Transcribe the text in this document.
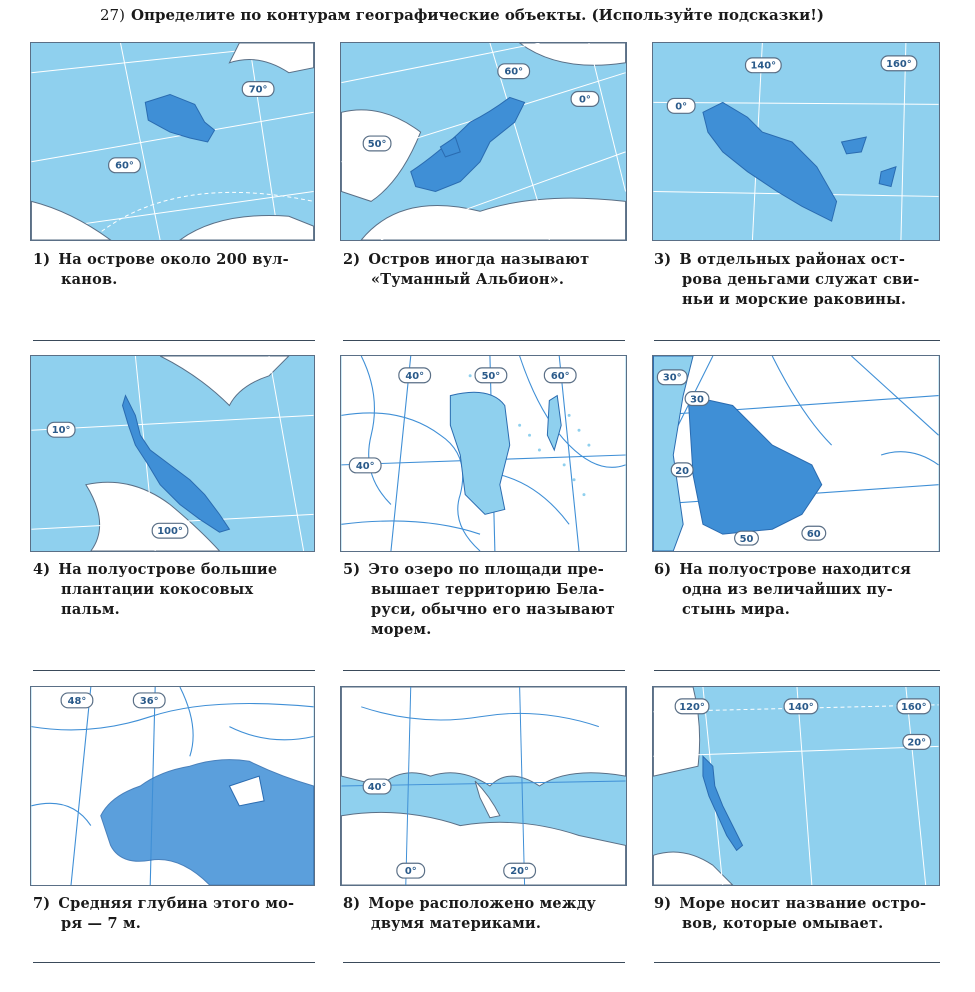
27) Определите по контурам географические объекты. (Используйте подсказки!)
70°
60°
60°
0°
50°
140°	160°
0°
1) На острове около 200 вул-
канов.
2) Остров иногда называют
«Туманный Альбион».
3) В отдельных районах ост-
рова деньгами служат сви-
ньи и морские раковины.
10°
100°
40°	50°	60°
40°
30°
30
20
50	60
4) На полуострове большие
плантации кокосовых
пальм.
5) Это озеро по площади пре-
вышает территорию Бела-
руси, обычно его называют
морем.
6) На полуострове находится
одна из величайших пу-
стынь мира.
48°	36°
40°
0°	20°
120°	140°	160°
20°
7) Средняя глубина этого мо-
ря — 7 м.
8) Море расположено между
двумя материками.
9) Море носит название остро-
вов, которые омывает.
